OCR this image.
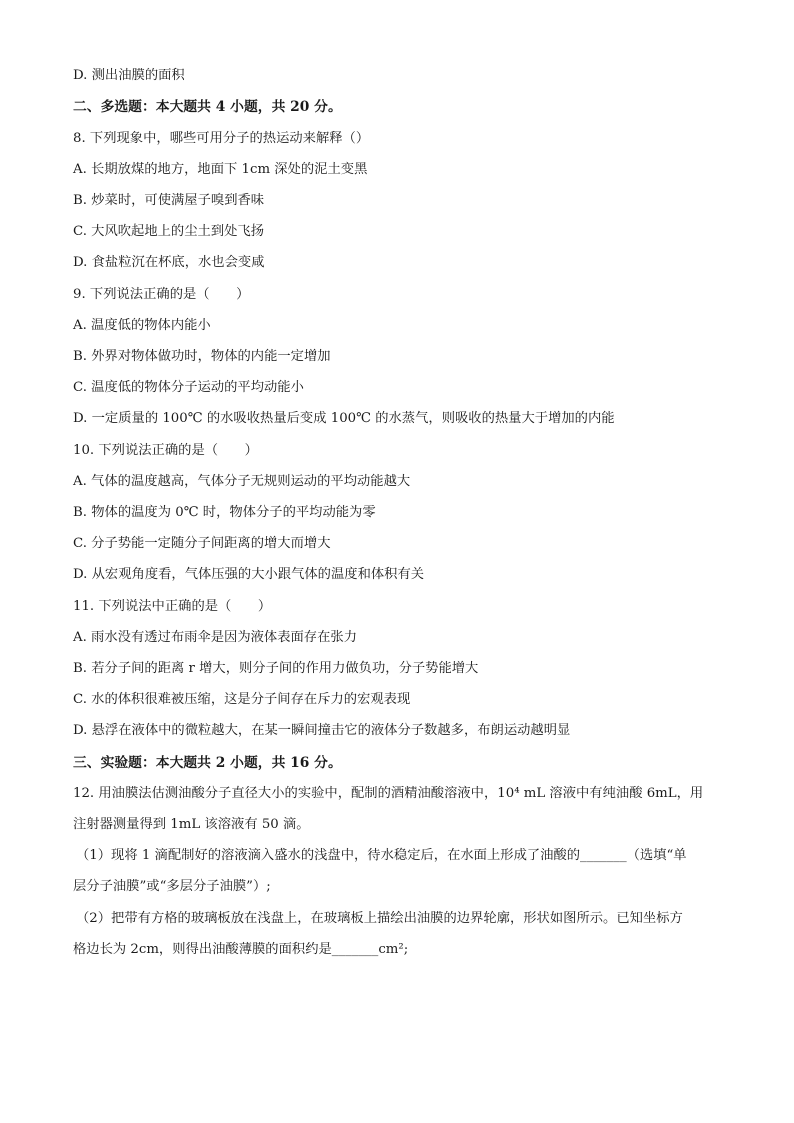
D. 测出油膜的面积

二、多选题：本大题共 4 小题，共 20 分。

8. 下列现象中，哪些可用分子的热运动来解释（）

A. 长期放煤的地方，地面下 1cm 深处的泥土变黑

B. 炒菜时，可使满屋子嗅到香味

C. 大风吹起地上的尘土到处飞扬

D. 食盐粒沉在杯底，水也会变咸

9. 下列说法正确的是（　　）

A. 温度低的物体内能小

B. 外界对物体做功时，物体的内能一定增加

C. 温度低的物体分子运动的平均动能小

D. 一定质量的 100℃ 的水吸收热量后变成 100℃ 的水蒸气，则吸收的热量大于增加的内能

10. 下列说法正确的是（　　）

A. 气体的温度越高，气体分子无规则运动的平均动能越大

B. 物体的温度为 0℃ 时，物体分子的平均动能为零

C. 分子势能一定随分子间距离的增大而增大

D. 从宏观角度看，气体压强的大小跟气体的温度和体积有关

11. 下列说法中正确的是（　　）

A. 雨水没有透过布雨伞是因为液体表面存在张力

B. 若分子间的距离 r 增大，则分子间的作用力做负功，分子势能增大

C. 水的体积很难被压缩，这是分子间存在斥力的宏观表现

D. 悬浮在液体中的微粒越大，在某一瞬间撞击它的液体分子数越多，布朗运动越明显

三、实验题：本大题共 2 小题，共 16 分。

12. 用油膜法估测油酸分子直径大小的实验中，配制的酒精油酸溶液中，10⁴ mL 溶液中有纯油酸 6mL，用

注射器测量得到 1mL 该溶液有 50 滴。

（1）现将 1 滴配制好的溶液滴入盛水的浅盘中，待水稳定后，在水面上形成了油酸的_______（选填“单

层分子油膜”或“多层分子油膜”）;

（2）把带有方格的玻璃板放在浅盘上，在玻璃板上描绘出油膜的边界轮廓，形状如图所示。已知坐标方

格边长为 2cm，则得出油酸薄膜的面积约是_______cm²;
